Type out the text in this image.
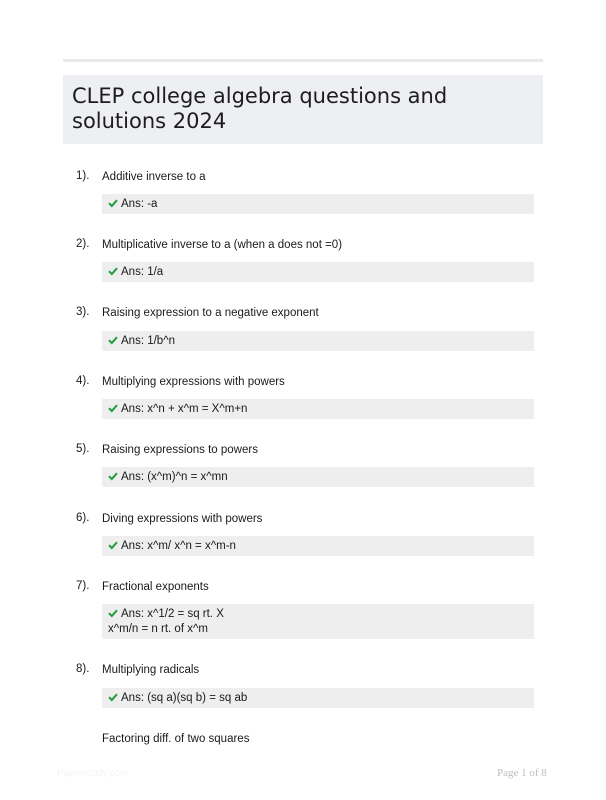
CLEP college algebra questions and solutions 2024
1). Additive inverse to a
Ans: -a
2). Multiplicative inverse to a (when a does not =0)
Ans: 1/a
3). Raising expression to a negative exponent
Ans: 1/b^n
4). Multiplying expressions with powers
Ans: x^n + x^m = X^m+n
5). Raising expressions to powers
Ans: (x^m)^n = x^mn
6). Diving expressions with powers
Ans: x^m/ x^n = x^m-n
7). Fractional exponents
Ans: x^1/2 = sq rt. X
x^m/n = n rt. of x^m
8). Multiplying radicals
Ans: (sq a)(sq b) = sq ab
Factoring diff. of two squares
Paperstudy.com	Page 1 of 8
